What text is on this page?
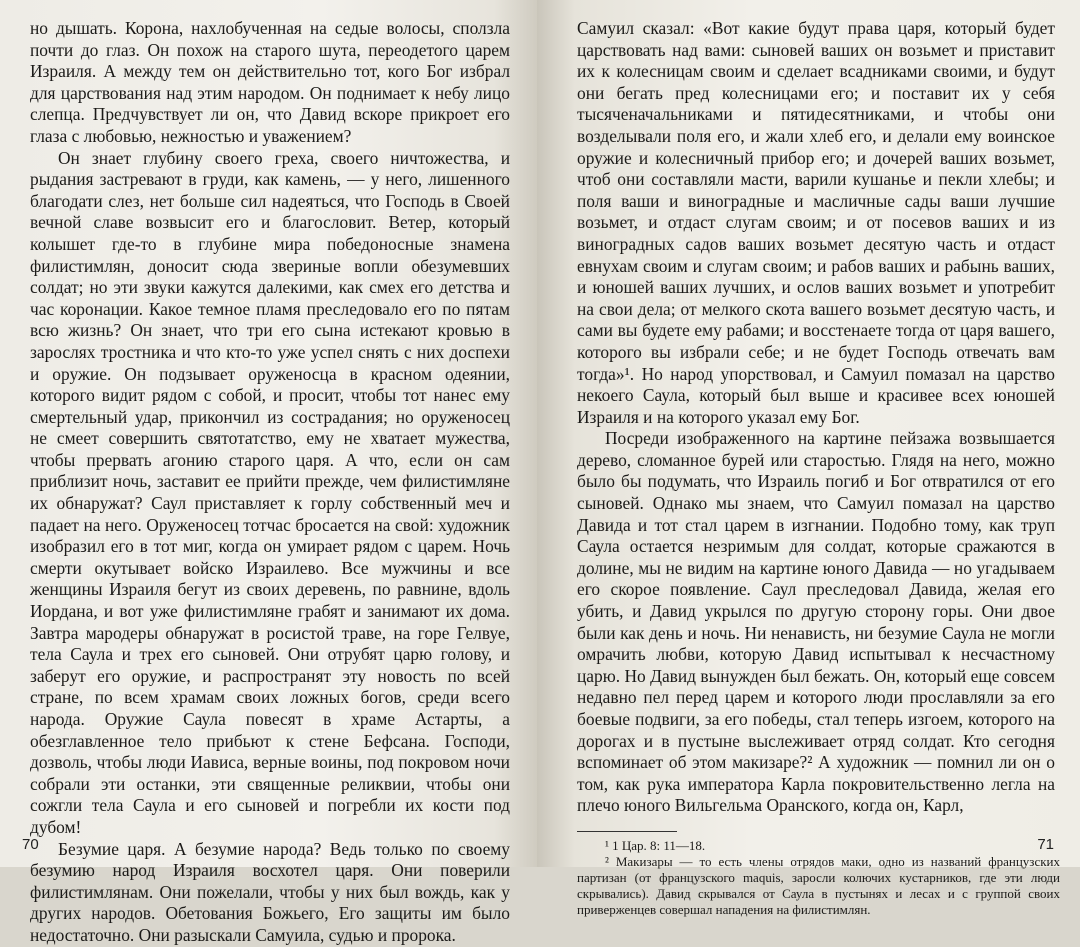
но дышать. Корона, нахлобученная на седые волосы, сползла почти до глаз. Он похож на старого шута, переодетого царем Израиля. А между тем он действительно тот, кого Бог избрал для царствования над этим народом. Он поднимает к небу лицо слепца. Предчувствует ли он, что Давид вскоре прикроет его глаза с любовью, нежностью и уважением?

Он знает глубину своего греха, своего ничтожества, и рыдания застревают в груди, как камень, — у него, лишенного благодати слез, нет больше сил надеяться, что Господь в Своей вечной славе возвысит его и благословит. Ветер, который колышет где-то в глубине мира победоносные знамена филистимлян, доносит сюда звериные вопли обезумевших солдат; но эти звуки кажутся далекими, как смех его детства и час коронации. Какое темное пламя преследовало его по пятам всю жизнь? Он знает, что три его сына истекают кровью в зарослях тростника и что кто-то уже успел снять с них доспехи и оружие. Он подзывает оруженосца в красном одеянии, которого видит рядом с собой, и просит, чтобы тот нанес ему смертельный удар, прикончил из сострадания; но оруженосец не смеет совершить святотатство, ему не хватает мужества, чтобы прервать агонию старого царя. А что, если он сам приблизит ночь, заставит ее прийти прежде, чем филистимляне их обнаружат? Саул приставляет к горлу собственный меч и падает на него. Оруженосец тотчас бросается на свой: художник изобразил его в тот миг, когда он умирает рядом с царем. Ночь смерти окутывает войско Израилево. Все мужчины и все женщины Израиля бегут из своих деревень, по равнине, вдоль Иордана, и вот уже филистимляне грабят и занимают их дома. Завтра мародеры обнаружат в росистой траве, на горе Гелвуе, тела Саула и трех его сыновей. Они отрубят царю голову, и заберут его оружие, и распространят эту новость по всей стране, по всем храмам своих ложных богов, среди всего народа. Оружие Саула повесят в храме Астарты, а обезглавленное тело прибьют к стене Бефсана. Господи, дозволь, чтобы люди Иависа, верные воины, под покровом ночи собрали эти останки, эти священные реликвии, чтобы они сожгли тела Саула и его сыновей и погребли их кости под дубом!

Безумие царя. А безумие народа? Ведь только по своему безумию народ Израиля восхотел царя. Они поверили филистимлянам. Они пожелали, чтобы у них был вождь, как у других народов. Обетования Божьего, Его защиты им было недостаточно. Они разыскали Самуила, судью и пророка.

70

Самуил сказал: «Вот какие будут права царя, который будет царствовать над вами: сыновей ваших он возьмет и приставит их к колесницам своим и сделает всадниками своими, и будут они бегать пред колесницами его; и поставит их у себя тысяченачальниками и пятидесятниками, и чтобы они возделывали поля его, и жали хлеб его, и делали ему воинское оружие и колесничный прибор его; и дочерей ваших возьмет, чтоб они составляли масти, варили кушанье и пекли хлебы; и поля ваши и виноградные и масличные сады ваши лучшие возьмет, и отдаст слугам своим; и от посевов ваших и из виноградных садов ваших возьмет десятую часть и отдаст евнухам своим и слугам своим; и рабов ваших и рабынь ваших, и юношей ваших лучших, и ослов ваших возьмет и употребит на свои дела; от мелкого скота вашего возьмет десятую часть, и сами вы будете ему рабами; и восстенаете тогда от царя вашего, которого вы избрали себе; и не будет Господь отвечать вам тогда»¹. Но народ упорствовал, и Самуил помазал на царство некоего Саула, который был выше и красивее всех юношей Израиля и на которого указал ему Бог.

Посреди изображенного на картине пейзажа возвышается дерево, сломанное бурей или старостью. Глядя на него, можно было бы подумать, что Израиль погиб и Бог отвратился от его сыновей. Однако мы знаем, что Самуил помазал на царство Давида и тот стал царем в изгнании. Подобно тому, как труп Саула остается незримым для солдат, которые сражаются в долине, мы не видим на картине юного Давида — но угадываем его скорое появление. Саул преследовал Давида, желая его убить, и Давид укрылся по другую сторону горы. Они двое были как день и ночь. Ни ненависть, ни безумие Саула не могли омрачить любви, которую Давид испытывал к несчастному царю. Но Давид вынужден был бежать. Он, который еще совсем недавно пел перед царем и которого люди прославляли за его боевые подвиги, за его победы, стал теперь изгоем, которого на дорогах и в пустыне выслеживает отряд солдат. Кто сегодня вспоминает об этом макизаре?² А художник — помнил ли он о том, как рука императора Карла покровительственно легла на плечо юного Вильгельма Оранского, когда он, Карл,

¹ 1 Цар. 8: 11—18.

² Макизары — то есть члены отрядов маки, одно из названий французских партизан (от французского maquis, заросли колючих кустарников, где эти люди скрывались). Давид скрывался от Саула в пустынях и лесах и с группой своих приверженцев совершал нападения на филистимлян.

71
